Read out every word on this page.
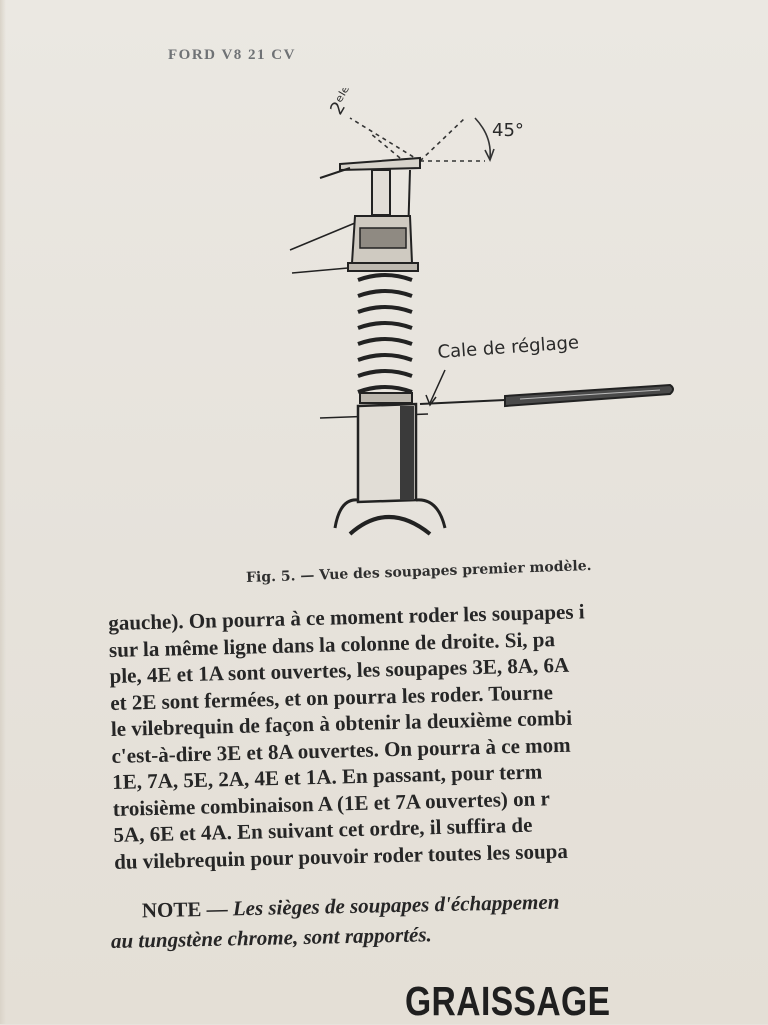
FORD V8 21 CV
2ᵉˡᵉ
45°
Cale de réglage
Fig. 5. — Vue des soupapes premier modèle.
gauche). On pourra à ce moment roder les soupapes i
sur la même ligne dans la colonne de droite. Si, pa
ple, 4E et 1A sont ouvertes, les soupapes 3E, 8A, 6A
et 2E sont fermées, et on pourra les roder. Tourne
le vilebrequin de façon à obtenir la deuxième combi
c'est-à-dire 3E et 8A ouvertes. On pourra à ce mom
1E, 7A, 5E, 2A, 4E et 1A. En passant, pour term
troisième combinaison A (1E et 7A ouvertes) on r
5A, 6E et 4A. En suivant cet ordre, il suffira de
du vilebrequin pour pouvoir roder toutes les soupa
NOTE — Les sièges de soupapes d'échappemen
au tungstène chrome, sont rapportés.
GRAISSAGE
